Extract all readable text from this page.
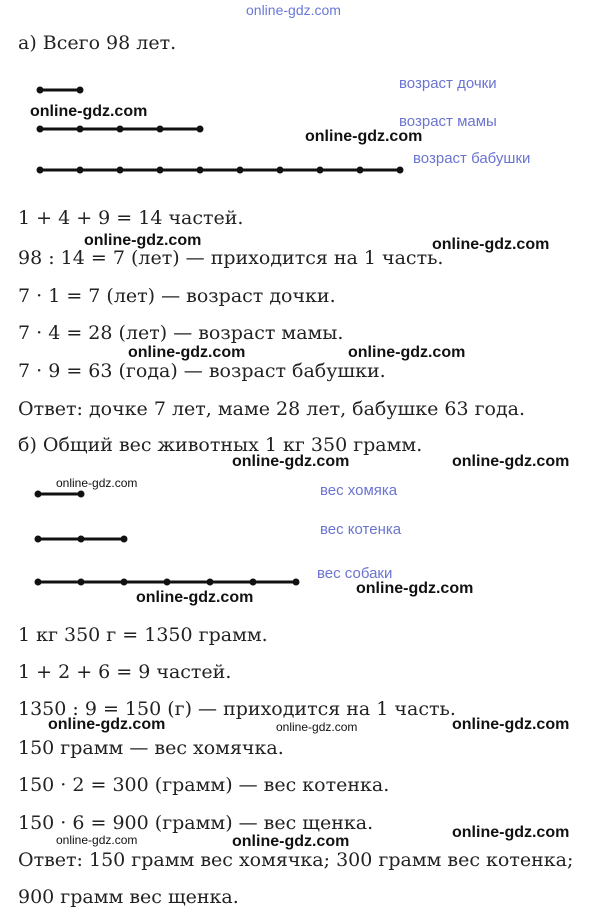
online-gdz.com
а) Всего 98 лет.
возраст дочки
возраст мамы
возраст бабушки
online-gdz.com
online-gdz.com
1 + 4 + 9 = 14 частей.
online-gdz.com	online-gdz.com
98 : 14 = 7 (лет) — приходится на 1 часть.
7 · 1 = 7 (лет) — возраст дочки.
7 · 4 = 28 (лет) — возраст мамы.
online-gdz.com	online-gdz.com
7 · 9 = 63 (года) — возраст бабушки.
Ответ: дочке 7 лет, маме 28 лет, бабушке 63 года.
б) Общий вес животных 1 кг 350 грамм.
online-gdz.com	online-gdz.com
online-gdz.com	вес хомяка
вес котенка
вес собаки
online-gdz.com
online-gdz.com
1 кг 350 г = 1350 грамм.
1 + 2 + 6 = 9 частей.
1350 : 9 = 150 (г) — приходится на 1 часть.
online-gdz.com	online-gdz.com	online-gdz.com
150 грамм — вес хомячка.
150 · 2 = 300 (грамм) — вес котенка.
150 · 6 = 900 (грамм) — вес щенка.	online-gdz.com
online-gdz.com	online-gdz.com
Ответ: 150 грамм вес хомячка; 300 грамм вес котенка;
900 грамм вес щенка.
